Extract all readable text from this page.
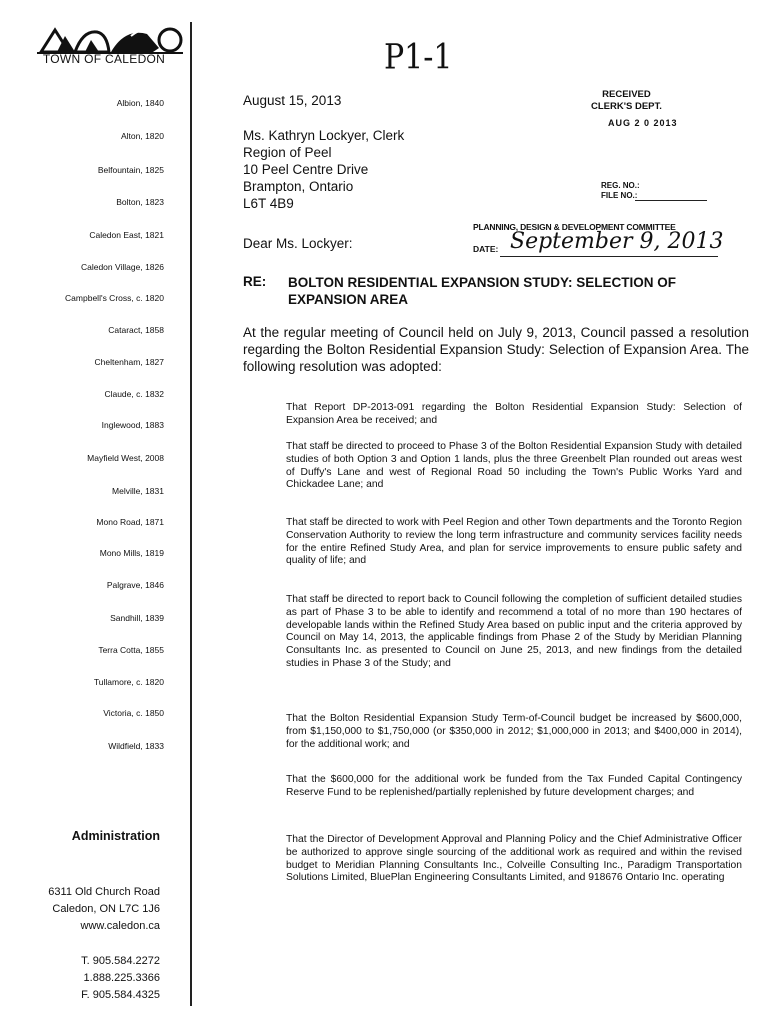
TOWN OF CALEDON
Albion, 1840
Alton, 1820
Belfountain, 1825
Bolton, 1823
Caledon East, 1821
Caledon Village, 1826
Campbell's Cross, c. 1820
Cataract, 1858
Cheltenham, 1827
Claude, c. 1832
Inglewood, 1883
Mayfield West, 2008
Melville, 1831
Mono Road, 1871
Mono Mills, 1819
Palgrave, 1846
Sandhill, 1839
Terra Cotta, 1855
Tullamore, c. 1820
Victoria, c. 1850
Wildfield, 1833
Administration
6311 Old Church Road
Caledon, ON L7C 1J6
www.caledon.ca
T. 905.584.2272
1.888.225.3366
F. 905.584.4325
P1-1
August 15, 2013	RECEIVED
CLERK'S DEPT.
AUG 2 0 2013
REG. NO.:
FILE NO.:
Ms. Kathryn Lockyer, Clerk
Region of Peel
10 Peel Centre Drive
Brampton, Ontario
L6T 4B9
PLANNING, DESIGN & DEVELOPMENT COMMITTEE
DATE: September 9, 2013
Dear Ms. Lockyer:
RE: BOLTON RESIDENTIAL EXPANSION STUDY: SELECTION OF EXPANSION AREA
At the regular meeting of Council held on July 9, 2013, Council passed a resolution regarding the Bolton Residential Expansion Study: Selection of Expansion Area. The following resolution was adopted:
That Report DP-2013-091 regarding the Bolton Residential Expansion Study: Selection of Expansion Area be received; and
That staff be directed to proceed to Phase 3 of the Bolton Residential Expansion Study with detailed studies of both Option 3 and Option 1 lands, plus the three Greenbelt Plan rounded out areas west of Duffy's Lane and west of Regional Road 50 including the Town's Public Works Yard and Chickadee Lane; and
That staff be directed to work with Peel Region and other Town departments and the Toronto Region Conservation Authority to review the long term infrastructure and community services facility needs for the entire Refined Study Area, and plan for service improvements to ensure public safety and quality of life; and
That staff be directed to report back to Council following the completion of sufficient detailed studies as part of Phase 3 to be able to identify and recommend a total of no more than 190 hectares of developable lands within the Refined Study Area based on public input and the criteria approved by Council on May 14, 2013, the applicable findings from Phase 2 of the Study by Meridian Planning Consultants Inc. as presented to Council on June 25, 2013, and new findings from the detailed studies in Phase 3 of the Study; and
That the Bolton Residential Expansion Study Term-of-Council budget be increased by $600,000, from $1,150,000 to $1,750,000 (or $350,000 in 2012; $1,000,000 in 2013; and $400,000 in 2014), for the additional work; and
That the $600,000 for the additional work be funded from the Tax Funded Capital Contingency Reserve Fund to be replenished/partially replenished by future development charges; and
That the Director of Development Approval and Planning Policy and the Chief Administrative Officer be authorized to approve single sourcing of the additional work as required and within the revised budget to Meridian Planning Consultants Inc., Colveille Consulting Inc., Paradigm Transportation Solutions Limited, BluePlan Engineering Consultants Limited, and 918676 Ontario Inc. operating
